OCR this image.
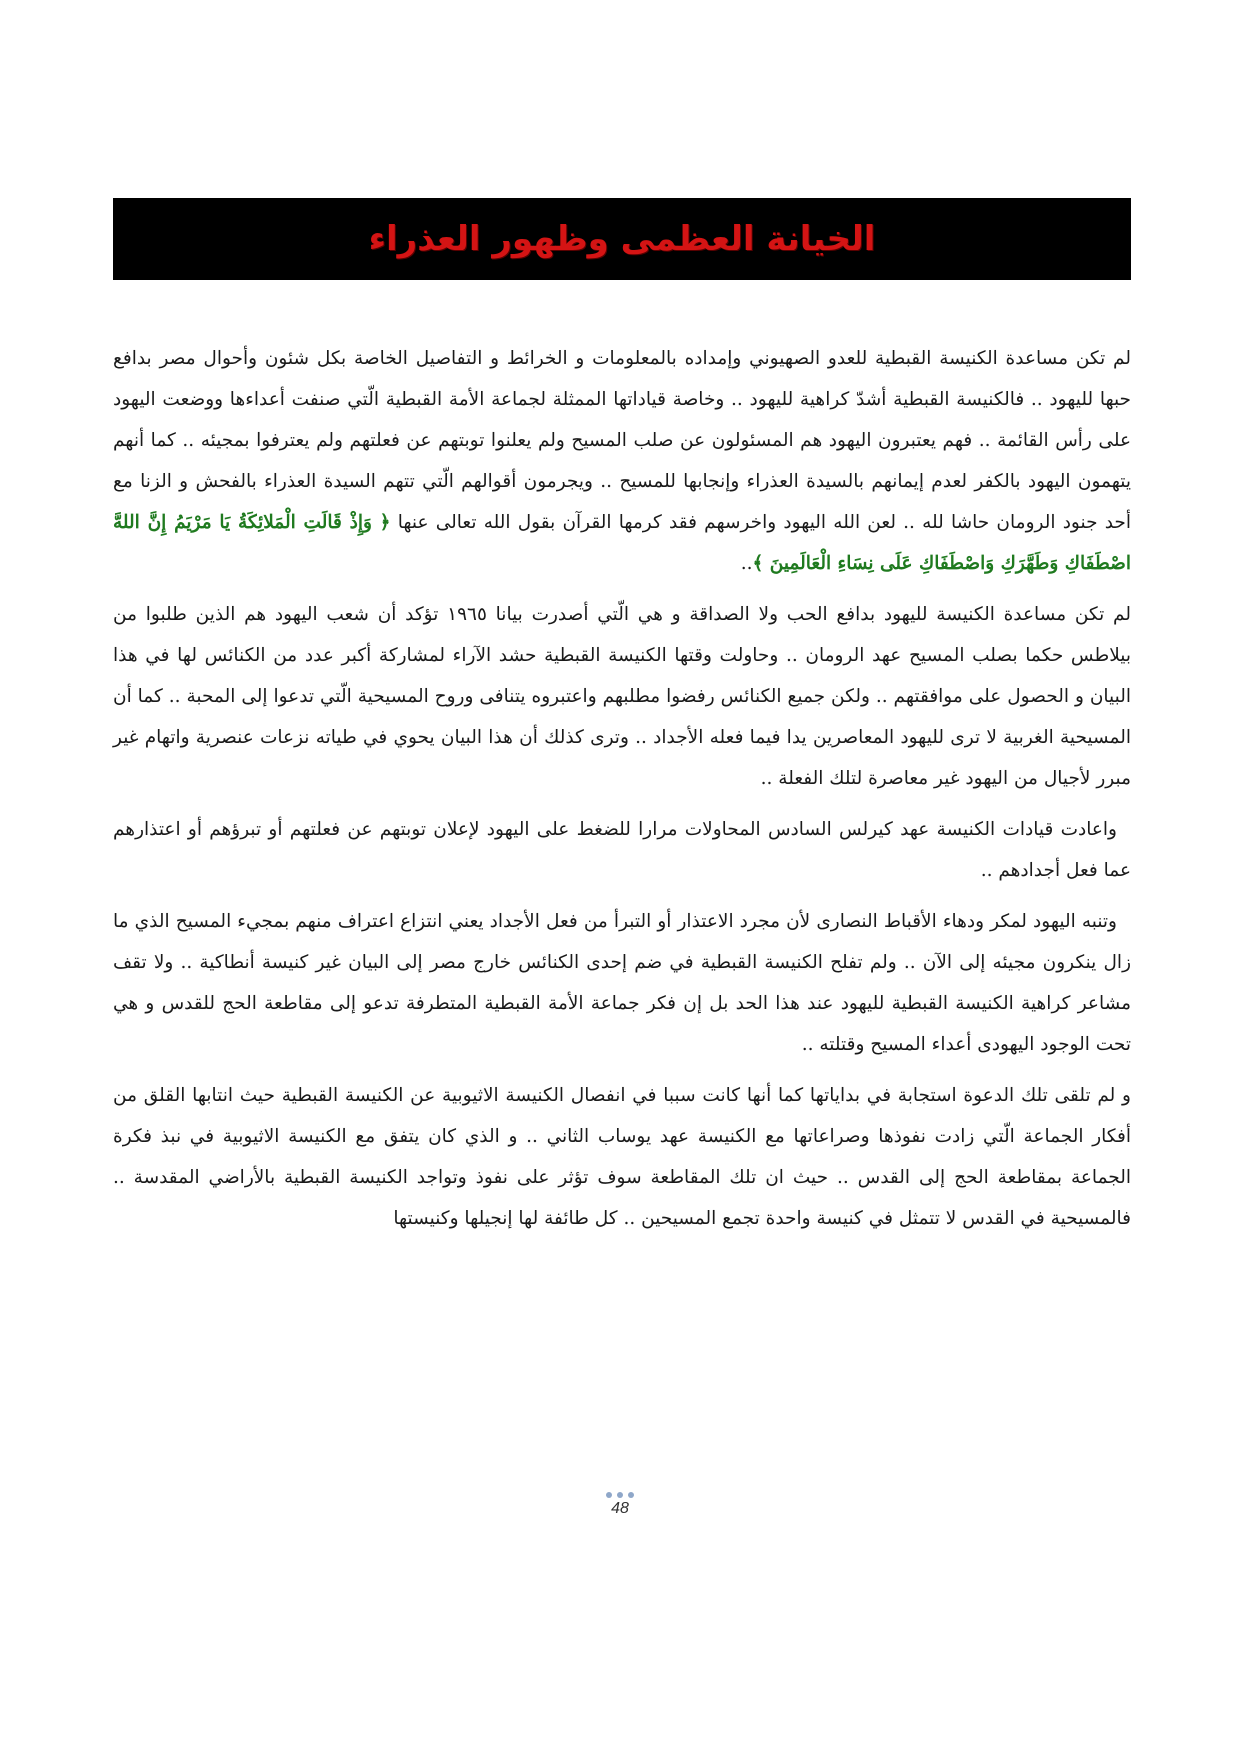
الخيانة العظمى وظهور العذراء

لم تكن مساعدة الكنيسة القبطية للعدو الصهيوني وإمداده بالمعلومات و الخرائط و التفاصيل الخاصة بكل شئون وأحوال مصر بدافع حبها لليهود .. فالكنيسة القبطية أشدّ كراهية لليهود .. وخاصة قياداتها الممثلة لجماعة الأمة القبطية الّتي صنفت أعداءها ووضعت اليهود على رأس القائمة .. فهم يعتبرون اليهود هم المسئولون عن صلب المسيح ولم يعلنوا توبتهم عن فعلتهم ولم يعترفوا بمجيئه .. كما أنهم يتهمون اليهود بالكفر لعدم إيمانهم بالسيدة العذراء وإنجابها للمسيح .. ويجرمون أقوالهم الّتي تتهم السيدة العذراء بالفحش و الزنا مع أحد جنود الرومان حاشا لله .. لعن الله اليهود واخرسهم فقد كرمها القرآن بقول الله تعالى عنها ﴿ وَإِذْ قَالَتِ الْمَلائِكَةُ يَا مَرْيَمُ إِنَّ اللهَّ اصْطَفَاكِ وَطَهَّرَكِ وَاصْطَفَاكِ عَلَى نِسَاءِ الْعَالَمِينَ ﴾..

لم تكن مساعدة الكنيسة لليهود بدافع الحب ولا الصداقة و هي الّتي أصدرت بيانا ١٩٦٥ تؤكد أن شعب اليهود هم الذين طلبوا من بيلاطس حكما بصلب المسيح عهد الرومان .. وحاولت وقتها الكنيسة القبطية حشد الآراء لمشاركة أكبر عدد من الكنائس لها في هذا البيان و الحصول على موافقتهم .. ولكن جميع الكنائس رفضوا مطلبهم واعتبروه يتنافى وروح المسيحية الّتي تدعوا إلى المحبة .. كما أن المسيحية الغربية لا ترى لليهود المعاصرين يدا فيما فعله الأجداد .. وترى كذلك أن هذا البيان يحوي في طياته نزعات عنصرية واتهام غير مبرر لأجيال من اليهود غير معاصرة لتلك الفعلة ..

واعادت قيادات الكنيسة عهد كيرلس السادس المحاولات مرارا للضغط على اليهود لإعلان توبتهم عن فعلتهم أو تبرؤهم أو اعتذارهم عما فعل أجدادهم ..

وتنبه اليهود لمكر ودهاء الأقباط النصارى لأن مجرد الاعتذار أو التبرأ من فعل الأجداد يعني انتزاع اعتراف منهم بمجيء المسيح الذي ما زال ينكرون مجيئه إلى الآن .. ولم تفلح الكنيسة القبطية في ضم إحدى الكنائس خارج مصر إلى البيان غير كنيسة أنطاكية .. ولا تقف مشاعر كراهية الكنيسة القبطية لليهود عند هذا الحد بل إن فكر جماعة الأمة القبطية المتطرفة تدعو إلى مقاطعة الحج للقدس و هي تحت الوجود اليهودى أعداء المسيح وقتلته ..

و لم تلقى تلك الدعوة استجابة في بداياتها كما أنها كانت سببا في انفصال الكنيسة الاثيوبية عن الكنيسة القبطية حيث انتابها القلق من أفكار الجماعة الّتي زادت نفوذها وصراعاتها مع الكنيسة عهد يوساب الثاني .. و الذي كان يتفق مع الكنيسة الاثيوبية في نبذ فكرة الجماعة بمقاطعة الحج إلى القدس .. حيث ان تلك المقاطعة سوف تؤثر على نفوذ وتواجد الكنيسة القبطية بالأراضي المقدسة .. فالمسيحية في القدس لا تتمثل في كنيسة واحدة تجمع المسيحين .. كل طائفة لها إنجيلها وكنيستها

48
